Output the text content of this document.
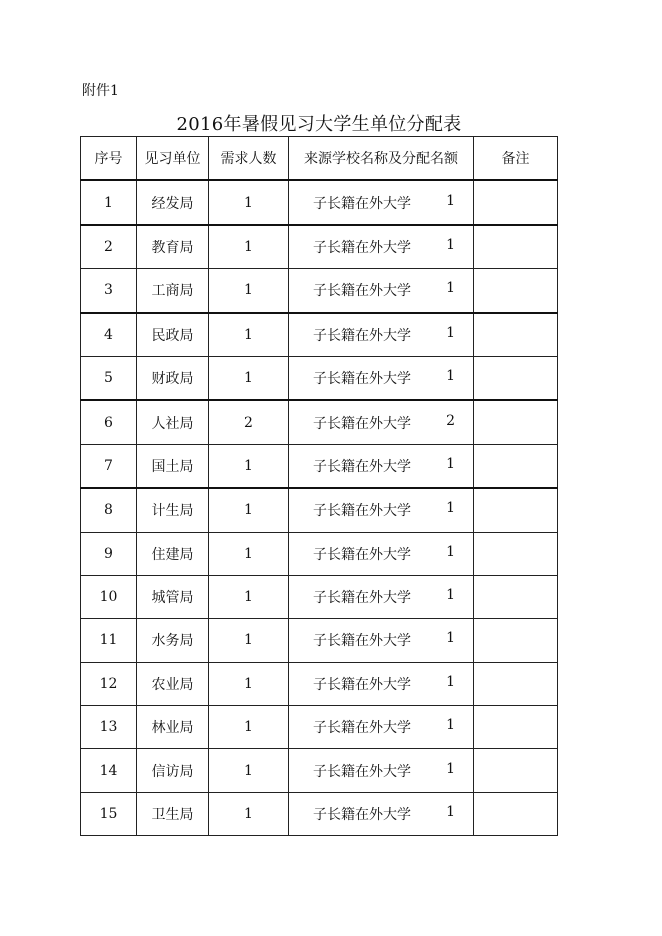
附件1
2016年暑假见习大学生单位分配表
序号	见习单位	需求人数	来源学校名称及分配名额	备注
1	经发局	1	子长籍在外大学 1	

2	教育局	1	子长籍在外大学 1	

3	工商局	1	子长籍在外大学 1	

4	民政局	1	子长籍在外大学 1	

5	财政局	1	子长籍在外大学 1	

6	人社局	2	子长籍在外大学 2	

7	国土局	1	子长籍在外大学 1	

8	计生局	1	子长籍在外大学 1	

9	住建局	1	子长籍在外大学 1	

10	城管局	1	子长籍在外大学 1	

11	水务局	1	子长籍在外大学 1	

12	农业局	1	子长籍在外大学 1	

13	林业局	1	子长籍在外大学 1	

14	信访局	1	子长籍在外大学 1	

15	卫生局	1	子长籍在外大学 1	
